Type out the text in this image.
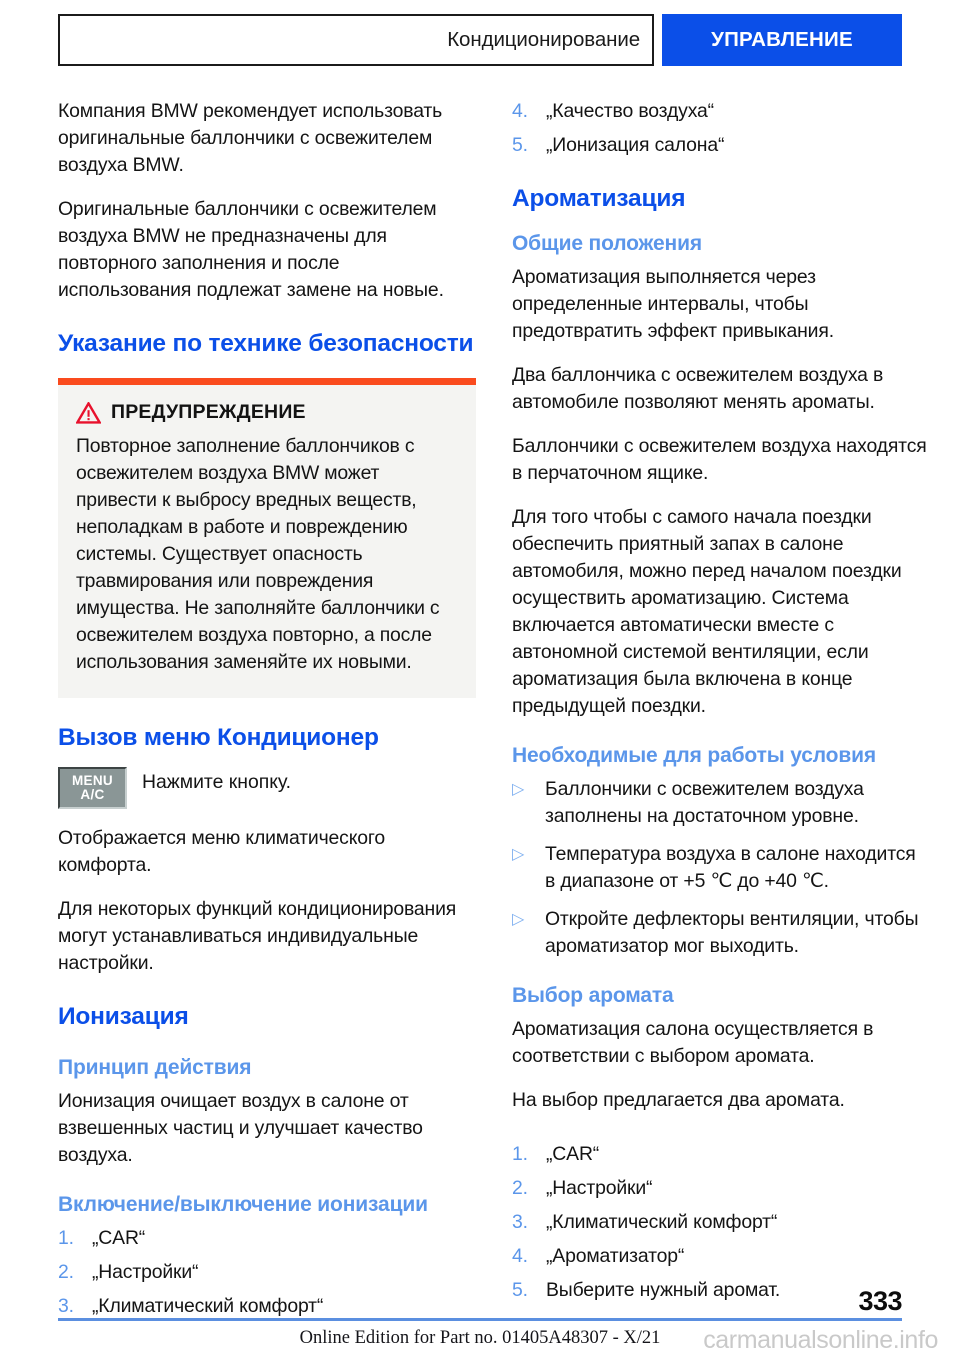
Кондиционирование	УПРАВЛЕНИЕ

Компания BMW рекомендует использовать оригинальные баллончики с освежителем воздуха BMW.

Оригинальные баллончики с освежителем воздуха BMW не предназначены для повторного заполнения и после использования подлежат замене на новые.

Указание по технике безопасности
ПРЕДУПРЕЖДЕНИЕ

Повторное заполнение баллончиков с освежителем воздуха BMW может привести к выбросу вредных веществ, неполадкам в работе и повреждению системы. Существует опасность травмирования или повреждения имущества. Не заполняйте баллончики с освежителем воздуха повторно, а после использования заменяйте их новыми.

Вызов меню Кондиционер
MENU
A/C
Нажмите кнопку.

Отображается меню климатического комфорта.

Для некоторых функций кондиционирования могут устанавливаться индивидуальные настройки.

Ионизация
Принцип действия

Ионизация очищает воздух в салоне от взвешенных частиц и улучшает качество воздуха.

Включение/выключение ионизации
1. „CAR“
2. „Настройки“
3. „Климатический комфорт“
4. „Качество воздуха“
5. „Ионизация салона“
Ароматизация
Общие положения

Ароматизация выполняется через определенные интервалы, чтобы предотвратить эффект привыкания.

Два баллончика с освежителем воздуха в автомобиле позволяют менять ароматы.

Баллончики с освежителем воздуха находятся в перчаточном ящике.

Для того чтобы с самого начала поездки обеспечить приятный запах в салоне автомобиля, можно перед началом поездки осуществить ароматизацию. Система включается автоматически вместе с автономной системой вентиляции, если ароматизация была включена в конце предыдущей поездки.

Необходимые для работы условия
▷	Баллончики с освежителем воздуха заполнены на достаточном уровне.
▷	Температура воздуха в салоне находится в диапазоне от +5 ℃ до +40 ℃.
▷	Откройте дефлекторы вентиляции, чтобы ароматизатор мог выходить.
Выбор аромата

Ароматизация салона осуществляется в соответствии с выбором аромата.

На выбор предлагается два аромата.

1. „CAR“
2. „Настройки“
3. „Климатический комфорт“
4. „Ароматизатор“
5. Выберите нужный аромат.	333
Online Edition for Part no. 01405A48307 - X/21	carmanualsonline.info
